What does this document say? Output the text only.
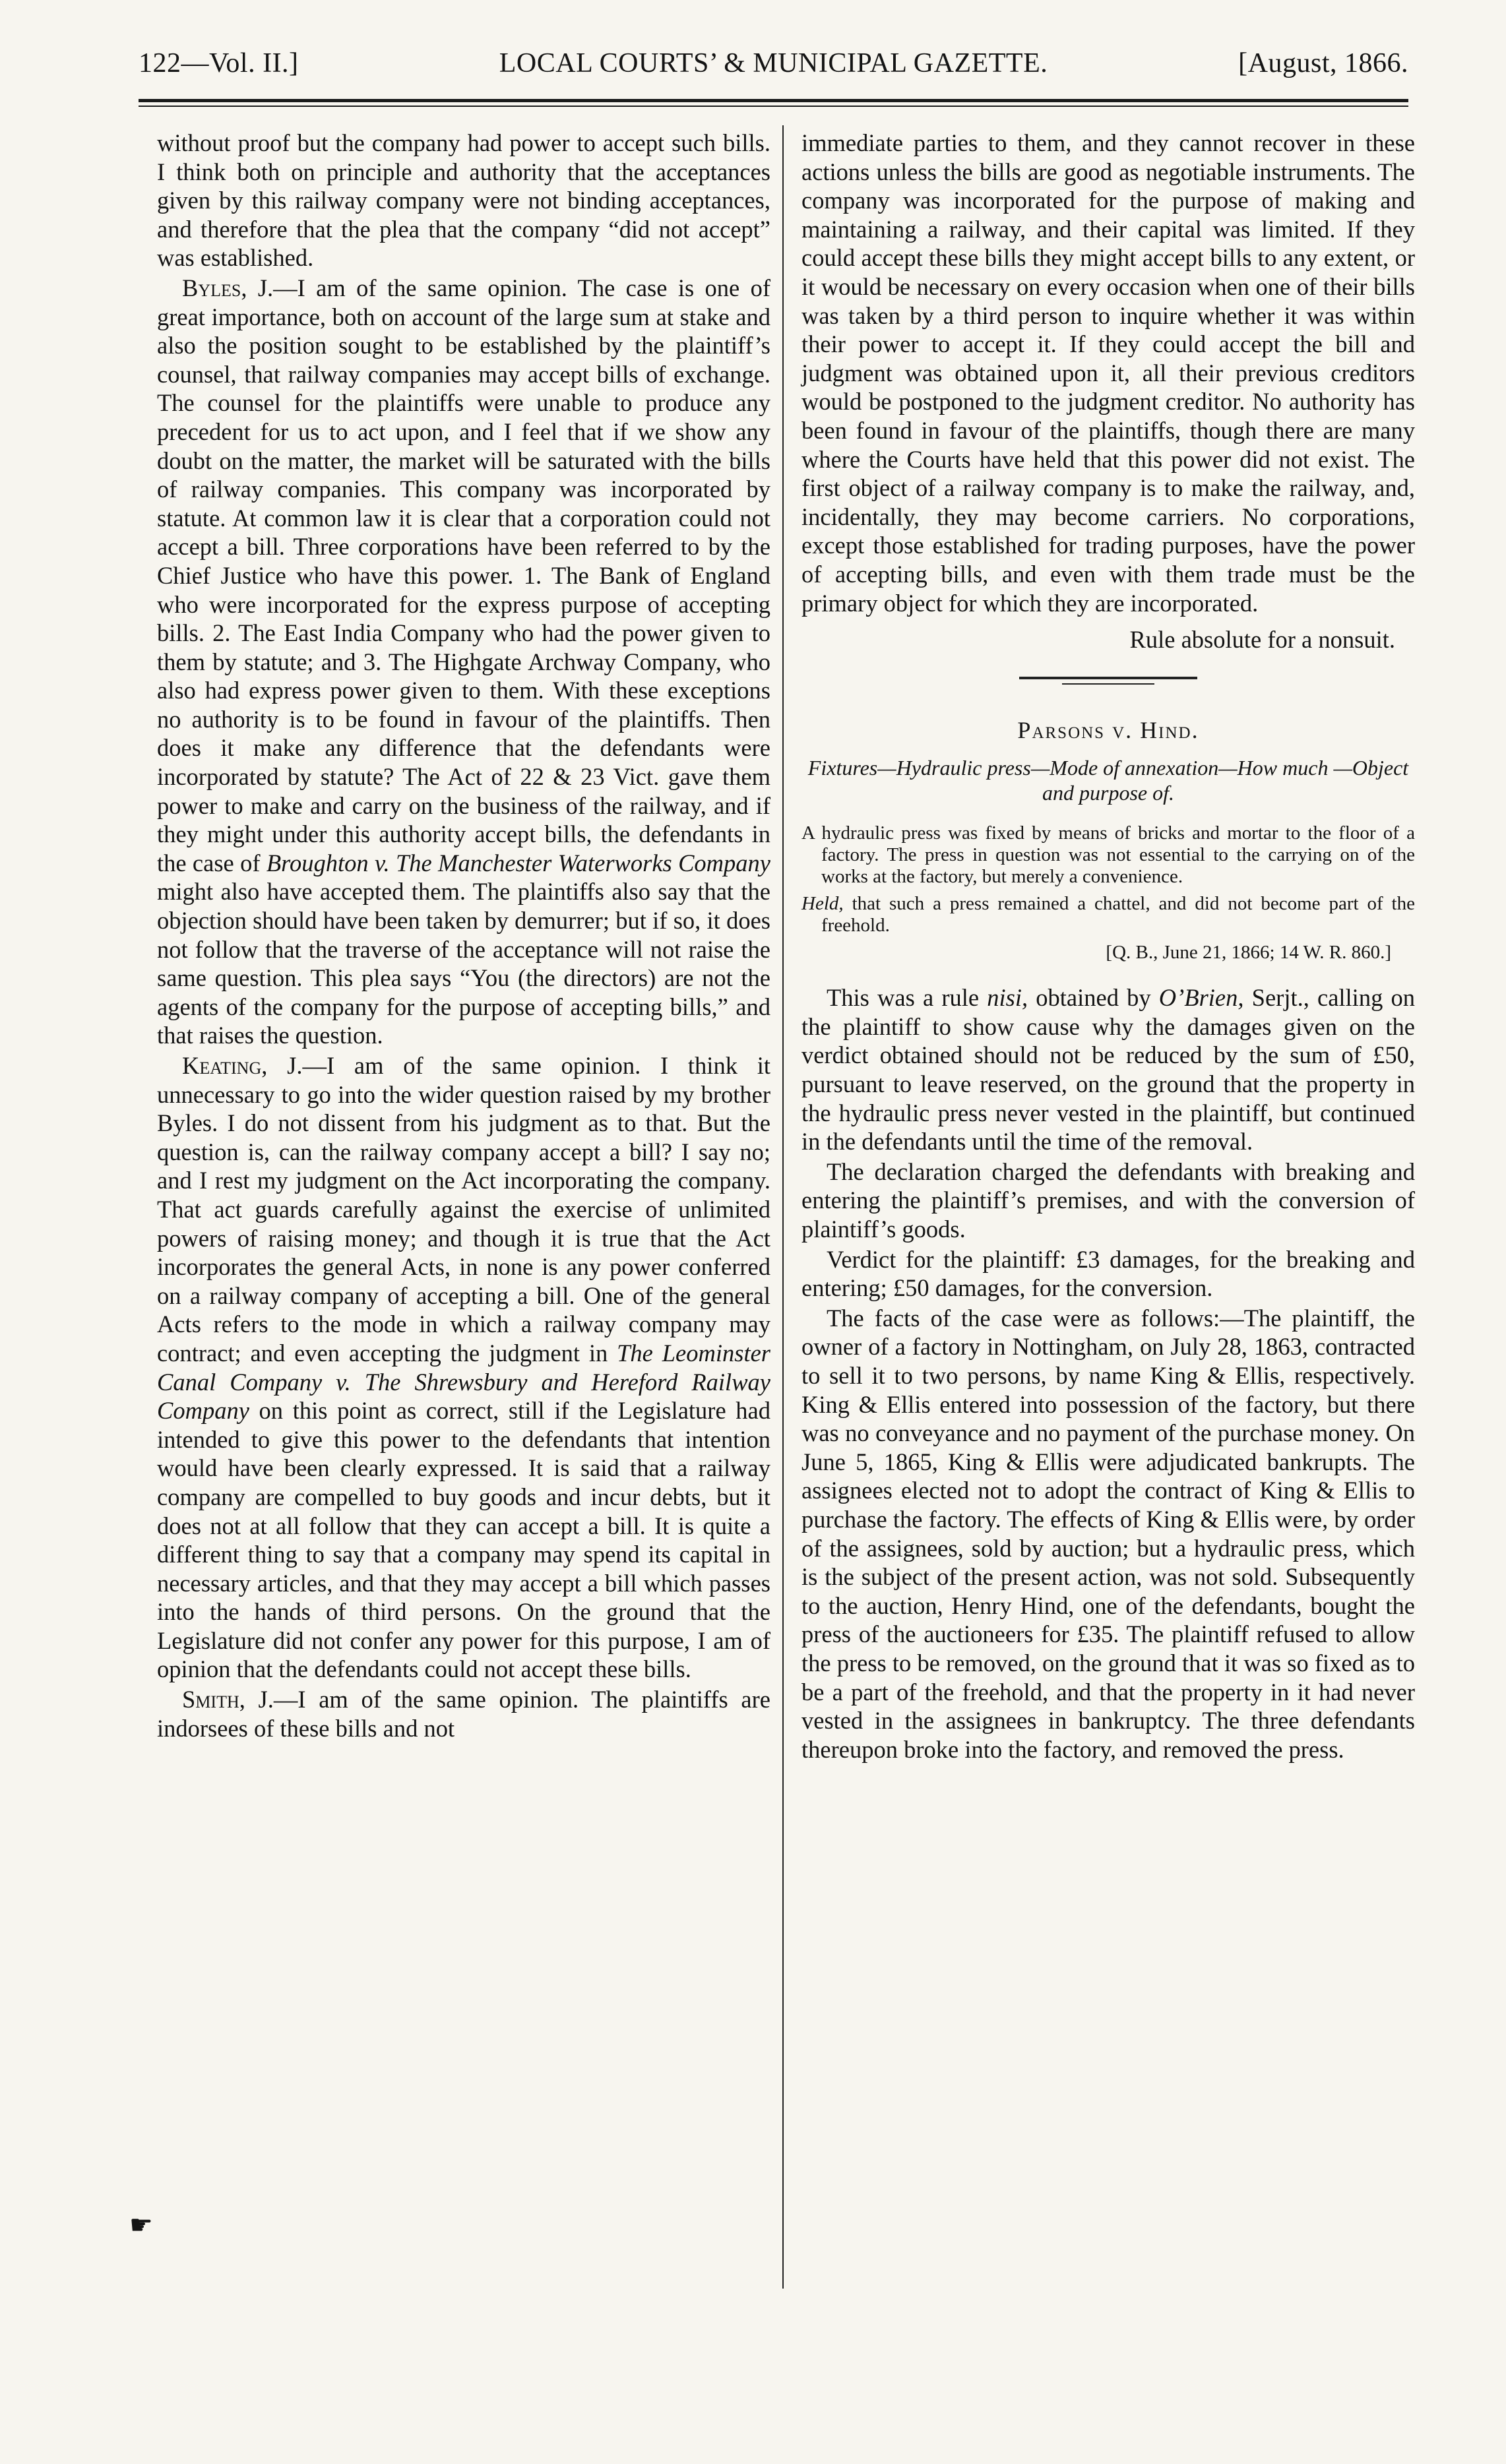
122—Vol. II.]	LOCAL COURTS’ & MUNICIPAL GAZETTE.	[August, 1866.

without proof but the company had power to accept such bills. I think both on principle and authority that the acceptances given by this railway company were not binding acceptances, and therefore that the plea that the company “did not accept” was established.

Byles, J.—I am of the same opinion. The case is one of great importance, both on account of the large sum at stake and also the position sought to be established by the plaintiff’s counsel, that railway companies may accept bills of exchange. The counsel for the plaintiffs were unable to produce any precedent for us to act upon, and I feel that if we show any doubt on the matter, the market will be saturated with the bills of railway companies. This company was incorporated by statute. At common law it is clear that a corporation could not accept a bill. Three corporations have been referred to by the Chief Justice who have this power. 1. The Bank of England who were incorporated for the express purpose of accepting bills. 2. The East India Company who had the power given to them by statute; and 3. The Highgate Archway Company, who also had express power given to them. With these exceptions no authority is to be found in favour of the plaintiffs. Then does it make any difference that the defendants were incorporated by statute? The Act of 22 & 23 Vict. gave them power to make and carry on the business of the railway, and if they might under this authority accept bills, the defendants in the case of Broughton v. The Manchester Waterworks Company might also have accepted them. The plaintiffs also say that the objection should have been taken by demurrer; but if so, it does not follow that the traverse of the acceptance will not raise the same question. This plea says “You (the directors) are not the agents of the company for the purpose of accepting bills,” and that raises the question.

Keating, J.—I am of the same opinion. I think it unnecessary to go into the wider question raised by my brother Byles. I do not dissent from his judgment as to that. But the question is, can the railway company accept a bill? I say no; and I rest my judgment on the Act incorporating the company. That act guards carefully against the exercise of unlimited powers of raising money; and though it is true that the Act incorporates the general Acts, in none is any power conferred on a railway company of accepting a bill. One of the general Acts refers to the mode in which a railway company may contract; and even accepting the judgment in The Leominster Canal Company v. The Shrewsbury and Hereford Railway Company on this point as correct, still if the Legislature had intended to give this power to the defendants that intention would have been clearly expressed. It is said that a railway company are compelled to buy goods and incur debts, but it does not at all follow that they can accept a bill. It is quite a different thing to say that a company may spend its capital in necessary articles, and that they may accept a bill which passes into the hands of third persons. On the ground that the Legislature did not confer any power for this purpose, I am of opinion that the defendants could not accept these bills.

Smith, J.—I am of the same opinion. The plaintiffs are indorsees of these bills and not

immediate parties to them, and they cannot recover in these actions unless the bills are good as negotiable instruments. The company was incorporated for the purpose of making and maintaining a railway, and their capital was limited. If they could accept these bills they might accept bills to any extent, or it would be necessary on every occasion when one of their bills was taken by a third person to inquire whether it was within their power to accept it. If they could accept the bill and judgment was obtained upon it, all their previous creditors would be postponed to the judgment creditor. No authority has been found in favour of the plaintiffs, though there are many where the Courts have held that this power did not exist. The first object of a railway company is to make the railway, and, incidentally, they may become carriers. No corporations, except those established for trading purposes, have the power of accepting bills, and even with them trade must be the primary object for which they are incorporated.

Rule absolute for a nonsuit.

Parsons v. Hind.

Fixtures—Hydraulic press—Mode of annexation—How much —Object and purpose of.

A hydraulic press was fixed by means of bricks and mortar to the floor of a factory. The press in question was not essential to the carrying on of the works at the factory, but merely a convenience.

Held, that such a press remained a chattel, and did not become part of the freehold.

[Q. B., June 21, 1866; 14 W. R. 860.]

This was a rule nisi, obtained by O’Brien, Serjt., calling on the plaintiff to show cause why the damages given on the verdict obtained should not be reduced by the sum of £50, pursuant to leave reserved, on the ground that the property in the hydraulic press never vested in the plaintiff, but continued in the defendants until the time of the removal.

The declaration charged the defendants with breaking and entering the plaintiff’s premises, and with the conversion of plaintiff’s goods.

Verdict for the plaintiff: £3 damages, for the breaking and entering; £50 damages, for the conversion.

The facts of the case were as follows:—The plaintiff, the owner of a factory in Nottingham, on July 28, 1863, contracted to sell it to two persons, by name King & Ellis, respectively. King & Ellis entered into possession of the factory, but there was no conveyance and no payment of the purchase money. On June 5, 1865, King & Ellis were adjudicated bankrupts. The assignees elected not to adopt the contract of King & Ellis to purchase the factory. The effects of King & Ellis were, by order of the assignees, sold by auction; but a hydraulic press, which is the subject of the present action, was not sold. Subsequently to the auction, Henry Hind, one of the defendants, bought the press of the auctioneers for £35. The plaintiff refused to allow the press to be removed, on the ground that it was so fixed as to be a part of the freehold, and that the property in it had never vested in the assignees in bankruptcy. The three defendants thereupon broke into the factory, and removed the press.

☛
